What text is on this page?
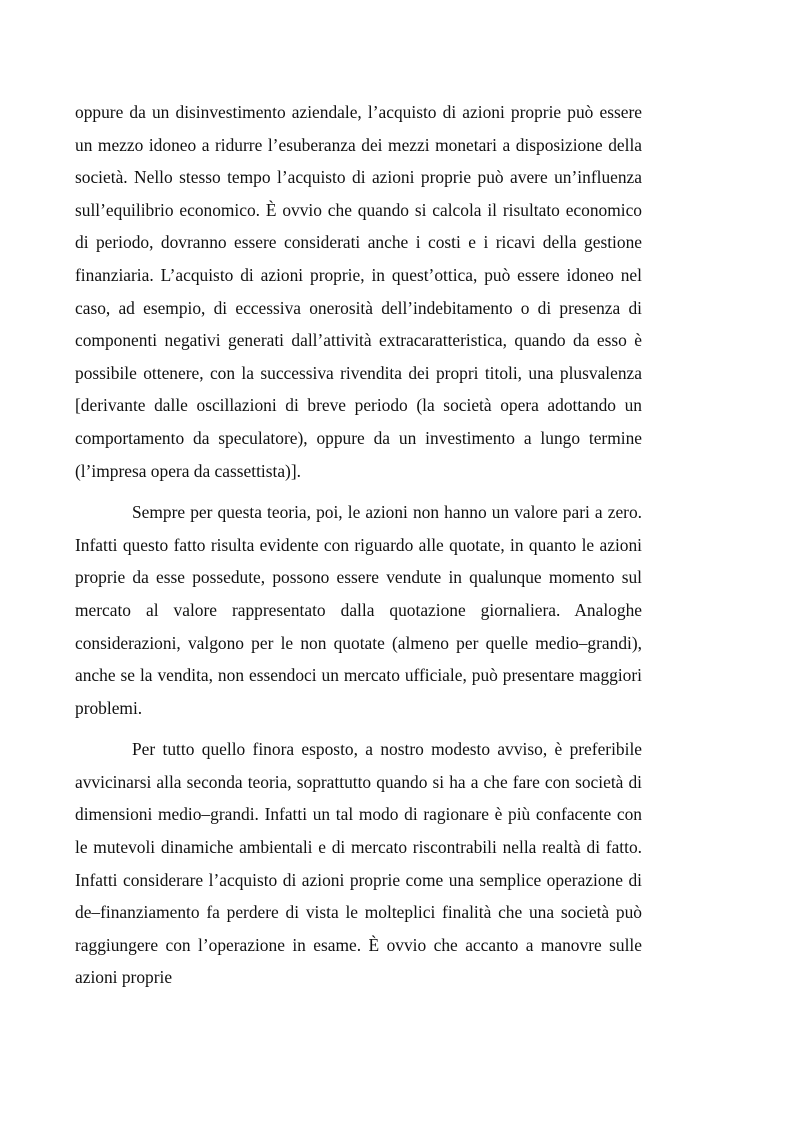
oppure da un disinvestimento aziendale, l’acquisto di azioni proprie può essere un mezzo idoneo a ridurre l’esuberanza dei mezzi monetari a disposizione della società. Nello stesso tempo l’acquisto di azioni proprie può avere un’influenza sull’equilibrio economico. È ovvio che quando si calcola il risultato economico di periodo, dovranno essere considerati anche i costi e i ricavi della gestione finanziaria. L’acquisto di azioni proprie, in quest’ottica, può essere idoneo nel caso, ad esempio, di eccessiva onerosità dell’indebitamento o di presenza di componenti negativi generati dall’attività extracaratteristica, quando da esso è possibile ottenere, con la successiva rivendita dei propri titoli, una plusvalenza [derivante dalle oscillazioni di breve periodo (la società opera adottando un comportamento da speculatore), oppure da un investimento a lungo termine (l’impresa opera da cassettista)].

Sempre per questa teoria, poi, le azioni non hanno un valore pari a zero. Infatti questo fatto risulta evidente con riguardo alle quotate, in quanto le azioni proprie da esse possedute, possono essere vendute in qualunque momento sul mercato al valore rappresentato dalla quotazione giornaliera. Analoghe considerazioni, valgono per le non quotate (almeno per quelle medio–grandi), anche se la vendita, non essendoci un mercato ufficiale, può presentare maggiori problemi.

Per tutto quello finora esposto, a nostro modesto avviso, è preferibile avvicinarsi alla seconda teoria, soprattutto quando si ha a che fare con società di dimensioni medio–grandi. Infatti un tal modo di ragionare è più confacente con le mutevoli dinamiche ambientali e di mercato riscontrabili nella realtà di fatto. Infatti considerare l’acquisto di azioni proprie come una semplice operazione di de–finanziamento fa perdere di vista le molteplici finalità che una società può raggiungere con l’operazione in esame. È ovvio che accanto a manovre sulle azioni proprie
